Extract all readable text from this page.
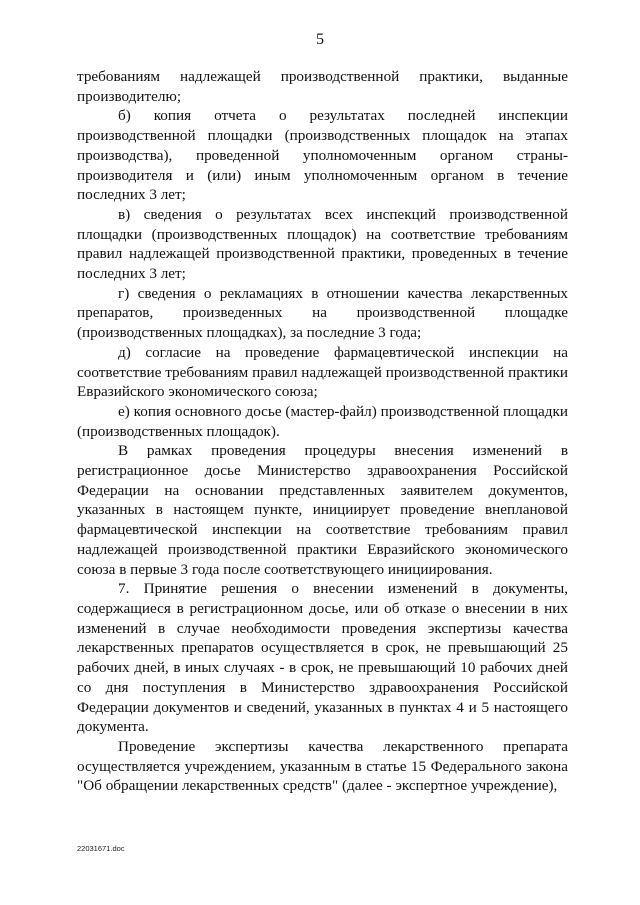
5

требованиям надлежащей производственной практики, выданные производителю;

б) копия отчета о результатах последней инспекции производственной площадки (производственных площадок на этапах производства), проведенной уполномоченным органом страны-производителя и (или) иным уполномоченным органом в течение последних 3 лет;

в) сведения о результатах всех инспекций производственной площадки (производственных площадок) на соответствие требованиям правил надлежащей производственной практики, проведенных в течение последних 3 лет;

г) сведения о рекламациях в отношении качества лекарственных препаратов, произведенных на производственной площадке (производственных площадках), за последние 3 года;

д) согласие на проведение фармацевтической инспекции на соответствие требованиям правил надлежащей производственной практики Евразийского экономического союза;

е) копия основного досье (мастер-файл) производственной площадки (производственных площадок).

В рамках проведения процедуры внесения изменений в регистрационное досье Министерство здравоохранения Российской Федерации на основании представленных заявителем документов, указанных в настоящем пункте, инициирует проведение внеплановой фармацевтической инспекции на соответствие требованиям правил надлежащей производственной практики Евразийского экономического союза в первые 3 года после соответствующего инициирования.

7. Принятие решения о внесении изменений в документы, содержащиеся в регистрационном досье, или об отказе о внесении в них изменений в случае необходимости проведения экспертизы качества лекарственных препаратов осуществляется в срок, не превышающий 25 рабочих дней, в иных случаях - в срок, не превышающий 10 рабочих дней со дня поступления в Министерство здравоохранения Российской Федерации документов и сведений, указанных в пунктах 4 и 5 настоящего документа.

Проведение экспертизы качества лекарственного препарата осуществляется учреждением, указанным в статье 15 Федерального закона "Об обращении лекарственных средств" (далее - экспертное учреждение),

22031671.doc
